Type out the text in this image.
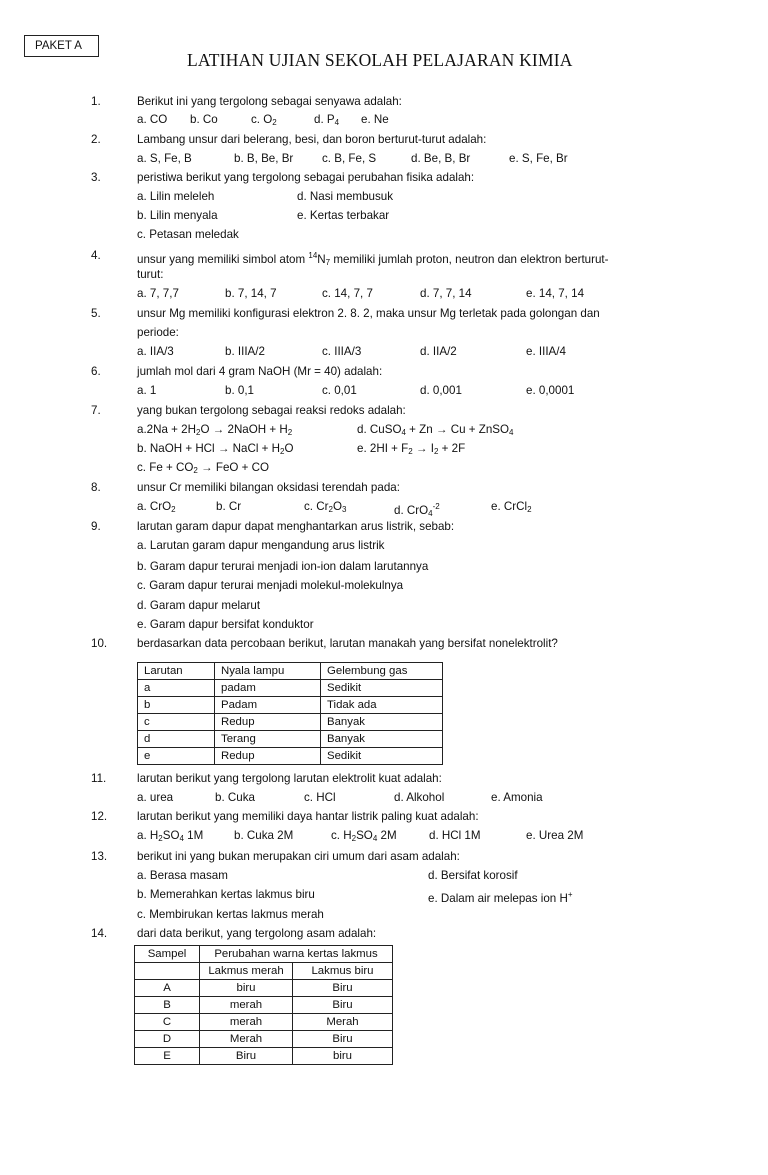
PAKET A
LATIHAN UJIAN SEKOLAH PELAJARAN KIMIA
1.	Berikut ini yang tergolong sebagai senyawa adalah:
a. CO b. Co	c. $O_2$	d. $P_4$ e. Ne
2.	Lambang unsur dari belerang, besi, dan boron berturut-turut adalah:
a. S, Fe, B	b. B, Be, Br c. B, Fe, S	d. Be, B, Br	e. S, Fe, Br
3.	peristiwa berikut yang tergolong sebagai perubahan fisika adalah:
a. Lilin meleleh	d. Nasi membusuk
b. Lilin menyala	e. Kertas terbakar
c. Petasan meledak
4.	unsur yang memiliki simbol atom $^{14}N_7$ memiliki jumlah proton, neutron dan elektron berturut-
turut:
a. 7, 7,7	b. 7, 14, 7	c. 14, 7, 7	d. 7, 7, 14	e. 14, 7, 14
5.	unsur Mg memiliki konfigurasi elektron 2. 8. 2, maka unsur Mg terletak pada golongan dan
periode:
a. IIA/3	b. IIIA/2	c. IIIA/3	d. IIA/2	e. IIIA/4
6.	jumlah mol dari 4 gram NaOH (Mr = 40) adalah:
a. 1	b. 0,1	c. 0,01	d. 0,001	e. 0,0001
7.	yang bukan tergolong sebagai reaksi redoks adalah:
$a.2Na + 2H_2O$ → 2NaOH + $H_2$	d. CuSO$_4$ + Zn → Cu + ZnSO$_4$
b. NaOH + HCl → NaCl + $H_2O$	e. $2HI + F_2 \to I_2 + 2F$
c. $Fe + CO_2$ → FeO + CO
8.	unsur Cr memiliki bilangan oksidasi terendah pada:
a. CrO$_2$	b. Cr	c. $Cr_2O_3$	d. CrO$_4^{-2}$	e. CrCl$_2$
9.	larutan garam dapur dapat menghantarkan arus listrik, sebab:
a. Larutan garam dapur mengandung arus listrik
b. Garam dapur terurai menjadi ion-ion dalam larutannya
c. Garam dapur terurai menjadi molekul-molekulnya
d. Garam dapur melarut
e. Garam dapur bersifat konduktor
10.	berdasarkan data percobaan berikut, larutan manakah yang bersifat nonelektrolit?
Larutan	Nyala lampu	Gelembung gas
a	padam	Sedikit
b	Padam	Tidak ada
c	Redup	Banyak
d	Terang	Banyak
e	Redup	Sedikit
11.	larutan berikut yang tergolong larutan elektrolit kuat adalah:
a. urea	b. Cuka	c. HCl	d. Alkohol	e. Amonia
12.	larutan berikut yang memiliki daya hantar listrik paling kuat adalah:
a. $H_2SO_4$ 1M	b. Cuka 2M	c. $H_2SO_4$ 2M	d. HCl 1M	e. Urea 2M
13.	berikut ini yang bukan merupakan ciri umum dari asam adalah:
a. Berasa masam	d. Bersifat korosif
b. Memerahkan kertas lakmus biru	e. Dalam air melepas ion H+
c. Membirukan kertas lakmus merah
14.	dari data berikut, yang tergolong asam adalah:
Sampel	Perubahan warna kertas lakmus	
	Lakmus merah	Lakmus biru
A	biru	Biru
B	merah	Biru
C	merah	Merah
D	Merah	Biru
E	Biru	biru
